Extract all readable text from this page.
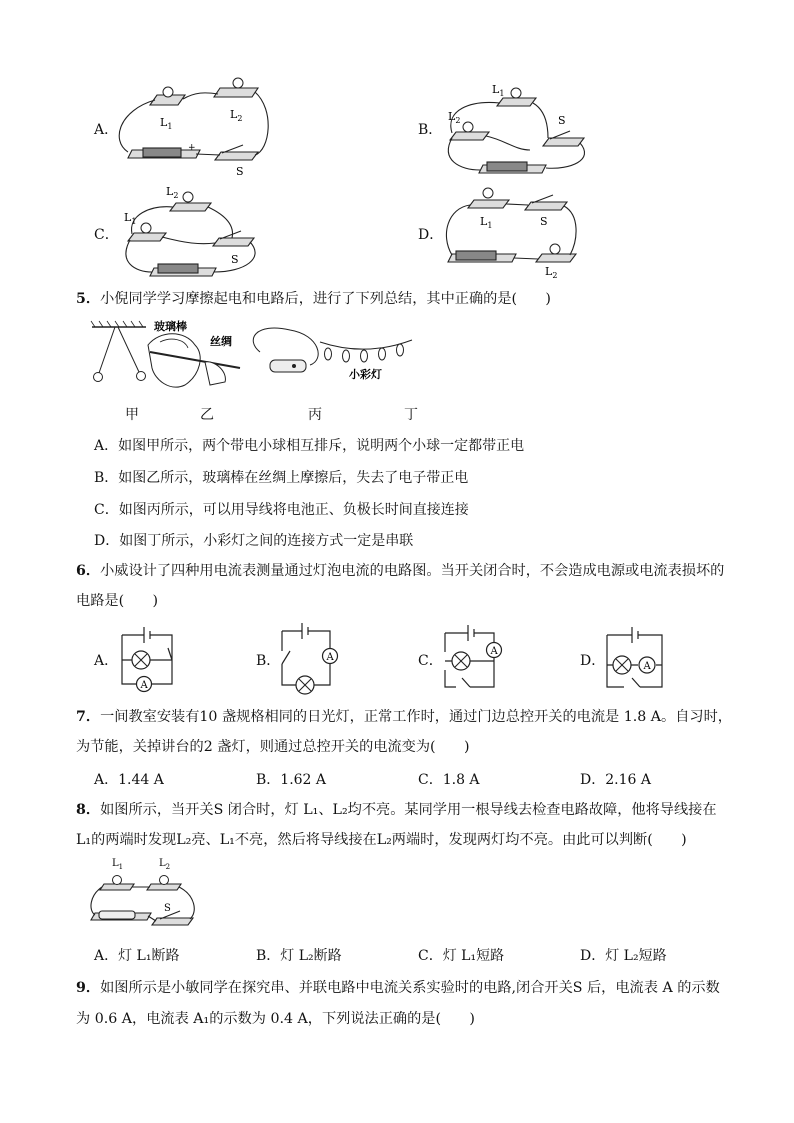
A．	B．
C．	D．
$L_1$
$L_2$
S
+
$L_1$
$L_2$	S
$L_2$
$L_1$
S
$L_1$	S
$L_2$
5．小倪同学学习摩擦起电和电路后，进行了下列总结，其中正确的是(　　)
玻璃棒
丝绸
小彩灯
甲	乙	丙	丁
A．如图甲所示，两个带电小球相互排斥，说明两个小球一定都带正电
B．如图乙所示，玻璃棒在丝绸上摩擦后，失去了电子带正电
C．如图丙所示，可以用导线将电池正、负极长时间直接连接
D．如图丁所示，小彩灯之间的连接方式一定是串联
6．小威设计了四种用电流表测量通过灯泡电流的电路图。当开关闭合时，不会造成电源或电流表损坏的
电路是(　　)
A．	B．	C．	D．
A
A
A
A
7．一间教室安装有10 盏规格相同的日光灯，正常工作时，通过门边总控开关的电流是 1.8 A。自习时，
为节能，关掉讲台的2 盏灯，则通过总控开关的电流变为(　　)
A．1.44 A	B．1.62 A	C．1.8 A	D．2.16 A
8．如图所示，当开关S 闭合时，灯 L₁、L₂均不亮。某同学用一根导线去检查电路故障，他将导线接在
L₁的两端时发现L₂亮、L₁不亮，然后将导线接在L₂两端时，发现两灯均不亮。由此可以判断(　　)
$L_1$	$L_2$
S
A．灯 L₁断路	B．灯 L₂断路	C．灯 L₁短路	D．灯 L₂短路
9．如图所示是小敏同学在探究串、并联电路中电流关系实验时的电路,闭合开关S 后，电流表 A 的示数
为 0.6 A，电流表 A₁的示数为 0.4 A，下列说法正确的是(　　)
